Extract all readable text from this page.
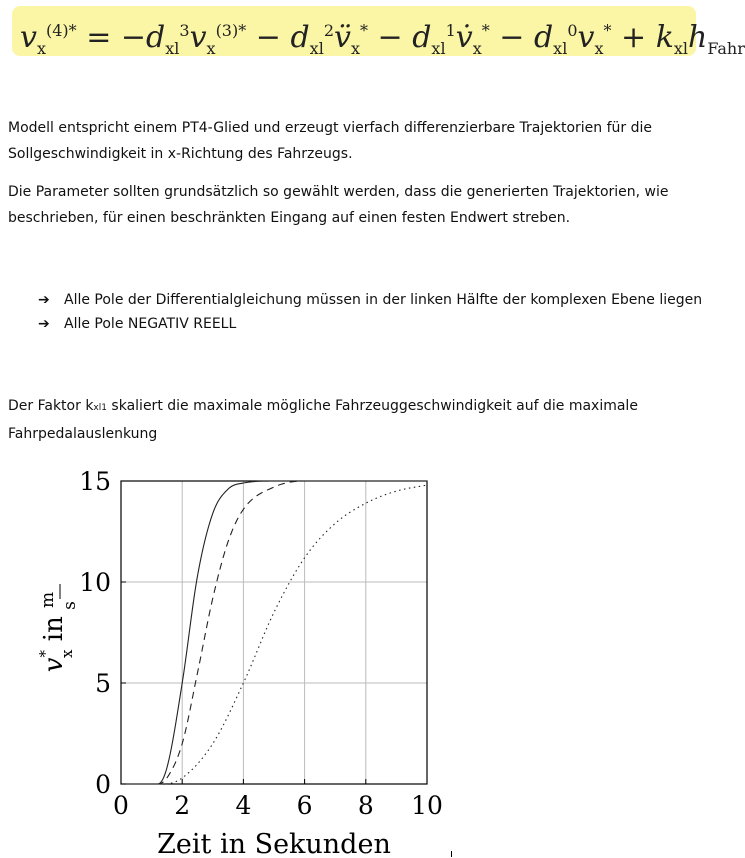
$v_x^{(4)*} = -d_{xl}^3v_x^{(3)*}$ − $d_{xl}^2v̈_x^*$ − $d_{xl}^1v̇_x^* - d_{xl}^0v_x^* + k_{xl}h_{Fahr}$
Modell entspricht einem PT4-Glied und erzeugt vierfach differenzierbare Trajektorien für die Sollgeschwindigkeit in x-Richtung des Fahrzeugs.
Die Parameter sollten grundsätzlich so gewählt werden, dass die generierten Trajektorien, wie beschrieben, für einen beschränkten Eingang auf einen festen Endwert streben.
➔ Alle Pole der Differentialgleichung müssen in der linken Hälfte der komplexen Ebene liegen
➔ Alle Pole NEGATIV REELL
Der Faktor kxl1 skaliert die maximale mögliche Fahrzeuggeschwindigkeit auf die maximale
Fahrpedalauslenkung
0 2 4 6 8 10
0
5
10
15
Zeit in Sekunden
v* x in $^m$ s
